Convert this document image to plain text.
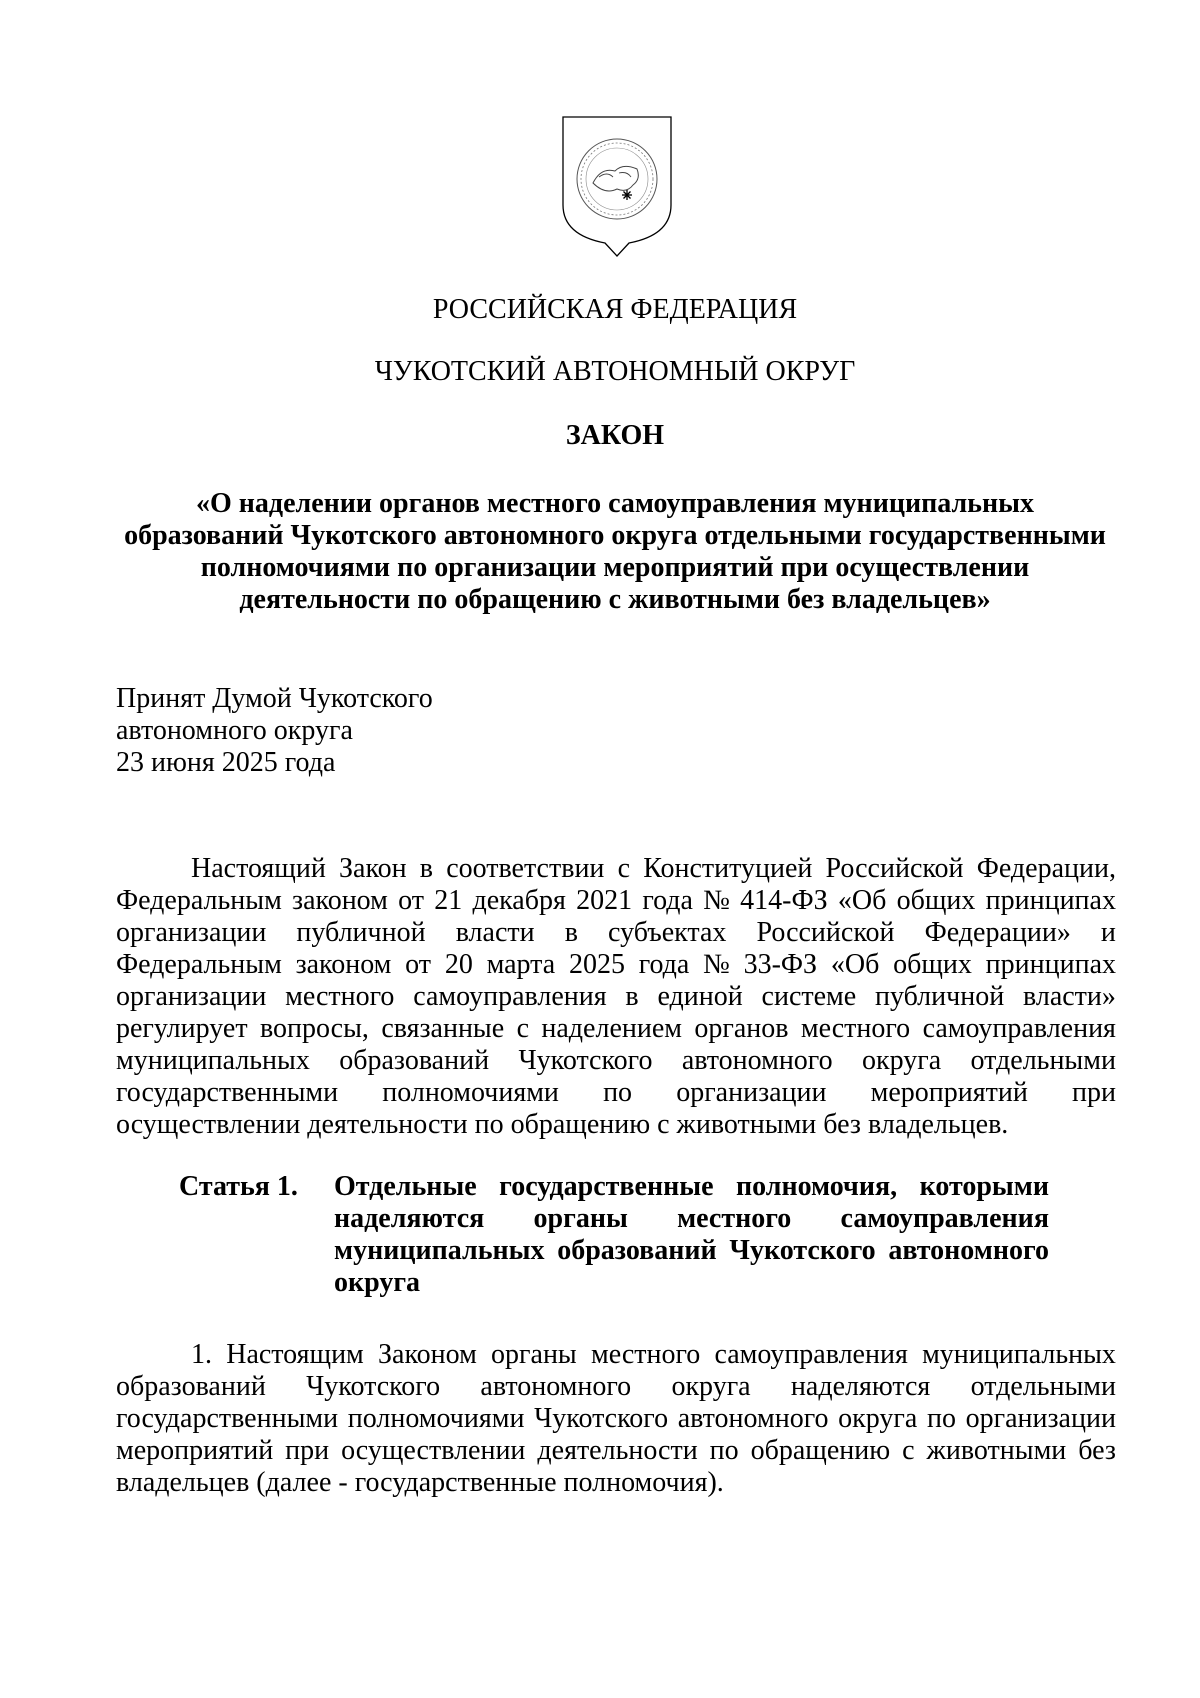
РОССИЙСКАЯ ФЕДЕРАЦИЯ
ЧУКОТСКИЙ АВТОНОМНЫЙ ОКРУГ
ЗАКОН
«О наделении органов местного самоуправления муниципальных
образований Чукотского автономного округа отдельными государственными
полномочиями по организации мероприятий при осуществлении
деятельности по обращению с животными без владельцев»
Принят Думой Чукотского
автономного округа
23 июня 2025 года
Настоящий Закон в соответствии с Конституцией Российской Федерации,
Федеральным законом от 21 декабря 2021 года № 414-ФЗ «Об общих принципах
организации публичной власти в субъектах Российской Федерации» и
Федеральным законом от 20 марта 2025 года № 33-ФЗ «Об общих принципах
организации местного самоуправления в единой системе публичной власти»
регулирует вопросы, связанные с наделением органов местного самоуправления
муниципальных образований Чукотского автономного округа отдельными
государственными полномочиями по организации мероприятий при
осуществлении деятельности по обращению с животными без владельцев.
Статья 1. Отдельные государственные полномочия, которыми
наделяются органы местного самоуправления
муниципальных образований Чукотского автономного
округа
1. Настоящим Законом органы местного самоуправления муниципальных
образований Чукотского автономного округа наделяются отдельными
государственными полномочиями Чукотского автономного округа по организации
мероприятий при осуществлении деятельности по обращению с животными без
владельцев (далее - государственные полномочия).
